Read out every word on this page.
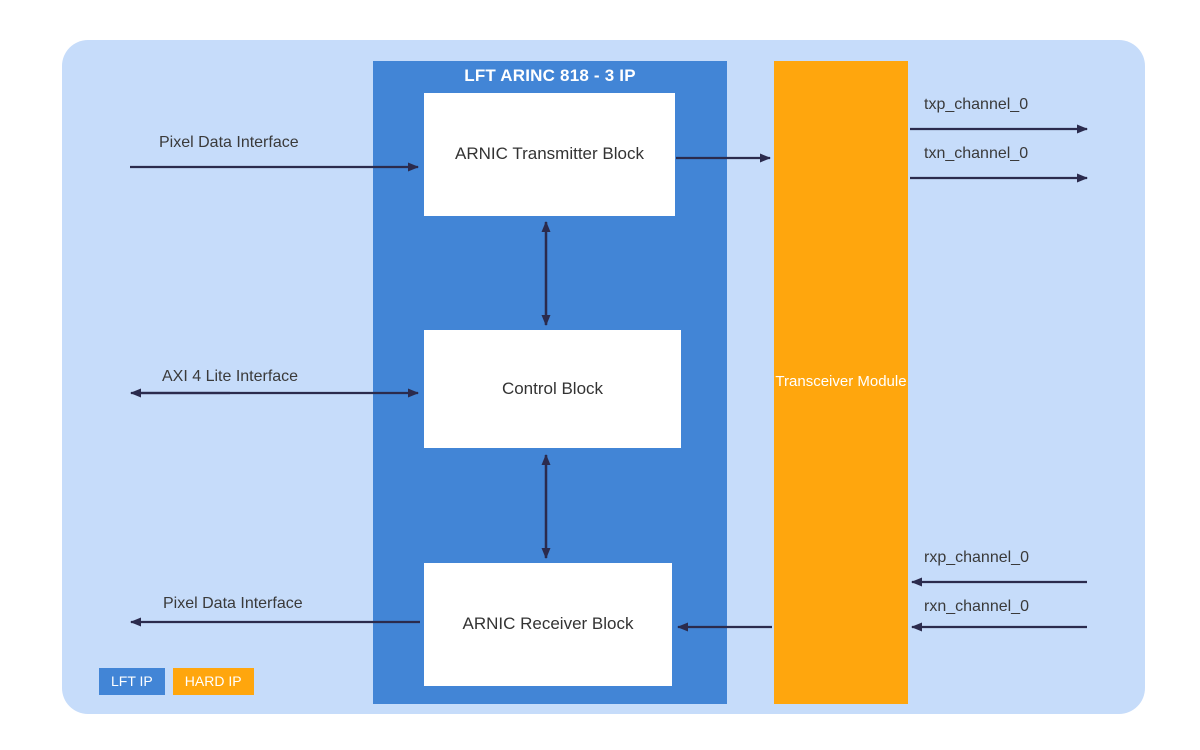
LFT ARINC 818 - 3 IP
ARNIC Transmitter Block
Control Block
ARNIC Receiver Block
Transceiver Module
Pixel Data Interface
AXI 4 Lite Interface
Pixel Data Interface
txp_channel_0
txn_channel_0
rxp_channel_0
rxn_channel_0
LFT IP	HARD IP
